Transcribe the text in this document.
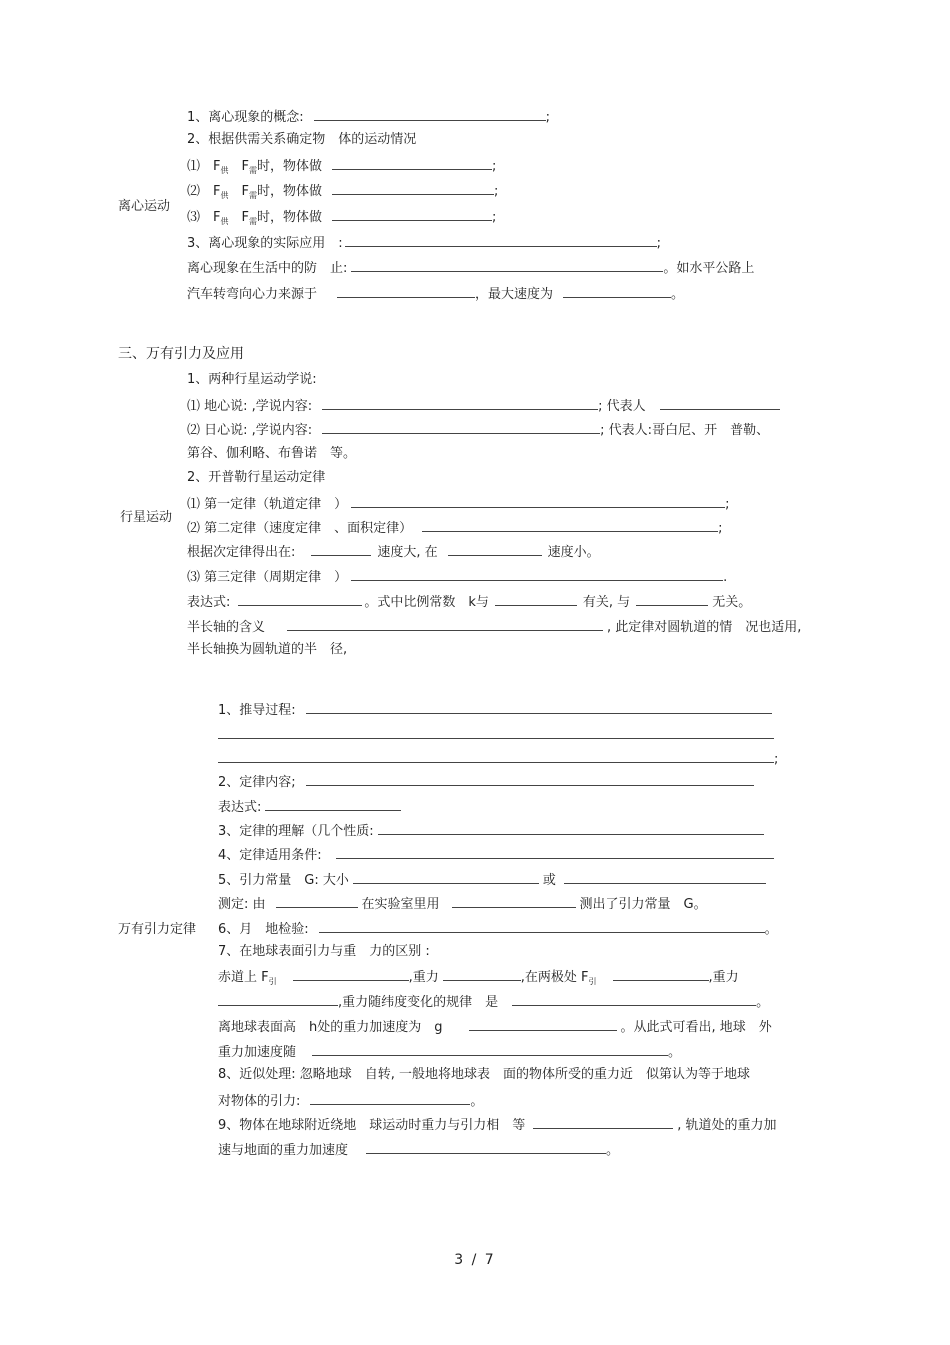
离心运动
1、离心现象的概念:	;
2、根据供需关系确定物　体的运动情况
⑴　$F_供$　$F_需$时，物体做	;
⑵　$F_供$　$F_需$时，物体做	;
⑶　$F_供$　$F_需$时，物体做	;
3、离心现象的实际应用　:	;
离心现象在生活中的防　止:	。如水平公路上
汽车转弯向心力来源于	，最大速度为	。
三、万有引力及应用
行星运动
1、两种行星运动学说:
⑴ 地心说: ,学说内容:	; 代表人
⑵ 日心说: ,学说内容:	; 代表人:哥白尼、开　普勒、
第谷、伽利略、布鲁诺　等。
2、开普勒行星运动定律
⑴ 第一定律（轨道定律　）	;
⑵ 第二定律（速度定律　、面积定律）	;
根据次定律得出在:	速度大, 在	速度小。
⑶ 第三定律（周期定律　）	.
表达式:	。式中比例常数　k与	有关, 与	无关。
半长轴的含义	, 此定律对圆轨道的情　况也适用,
半长轴换为圆轨道的半　径,
万有引力定律
1、推导过程:
;
2、定律内容;
表达式:
3、定律的理解（几个性质:
4、定律适用条件:
5、引力常量　G: 大小	或
测定: 由	在实验室里用	测出了引力常量　G。
6、月　地检验:	。
7、在地球表面引力与重　力的区别 :
赤道上 $F_引$	,重力	,在两极处 $F_引$	,重力
,重力随纬度变化的规律　是	。
离地球表面高　h处的重力加速度为　g	。从此式可看出, 地球　外
重力加速度随	。
8、近似处理: 忽略地球　自转, 一般地将地球表　面的物体所受的重力近　似第认为等于地球
对物体的引力:	。
9、物体在地球附近绕地　球运动时重力与引力相　等	, 轨道处的重力加
速与地面的重力加速度	。
3 / 7
